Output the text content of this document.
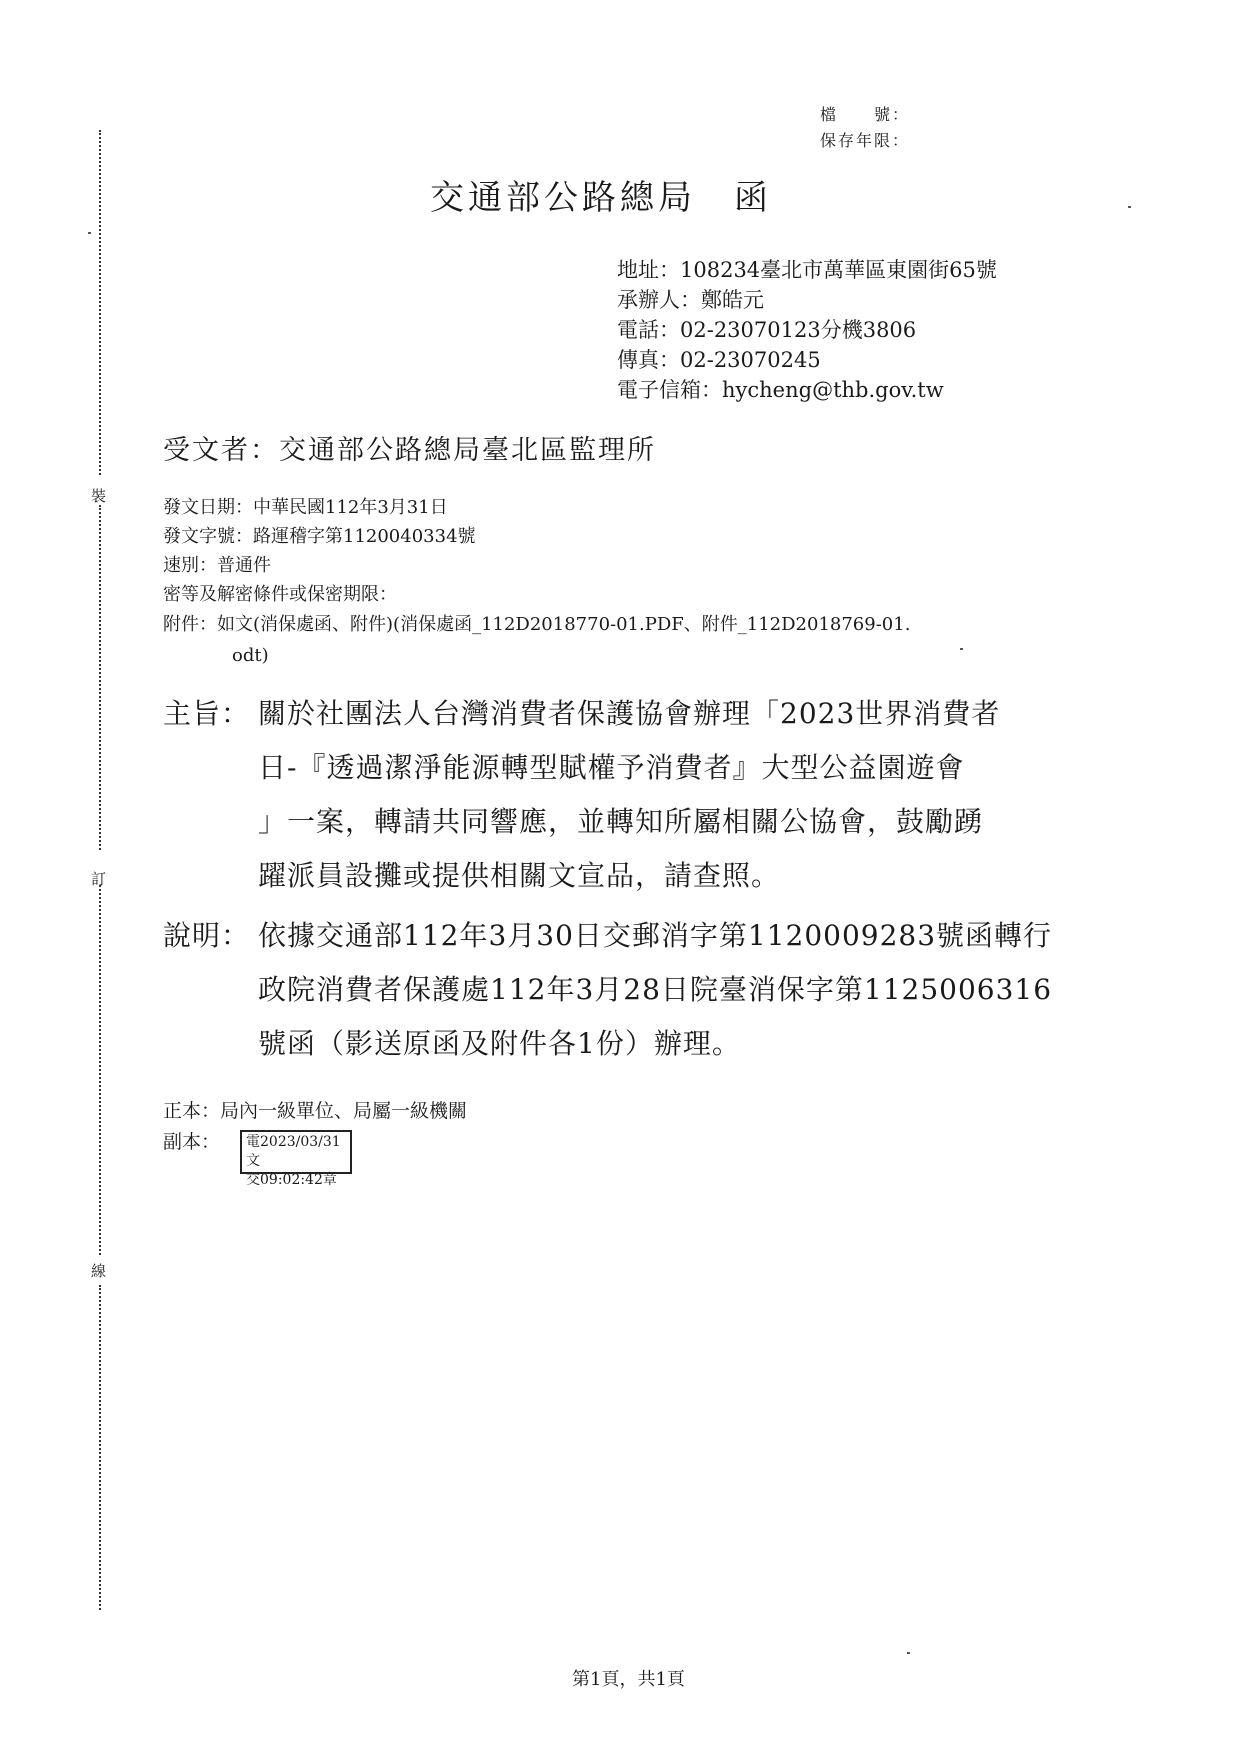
裝
訂
線
檔　　號：
保存年限：
交通部公路總局　函
地址：108234臺北市萬華區東園街65號
承辦人：鄭皓元
電話：02-23070123分機3806
傳真：02-23070245
電子信箱：hycheng@thb.gov.tw
受文者：交通部公路總局臺北區監理所
發文日期：中華民國112年3月31日
發文字號：路運稽字第1120040334號
速別：普通件
密等及解密條件或保密期限：
附件：如文(消保處函、附件)(消保處函_112D2018770-01.PDF、附件_112D2018769-01.
odt)
主旨： 關於社團法人台灣消費者保護協會辦理「2023世界消費者
日-『透過潔淨能源轉型賦權予消費者』大型公益園遊會
」一案，轉請共同響應，並轉知所屬相關公協會，鼓勵踴
躍派員設攤或提供相關文宣品，請查照。
說明： 依據交通部112年3月30日交郵消字第1120009283號函轉行
政院消費者保護處112年3月28日院臺消保字第1125006316
號函（影送原函及附件各1份）辦理。
正本：局內一級單位、局屬一級機關
副本： 電2023/03/31文
交09:02:42章
第1頁，共1頁
